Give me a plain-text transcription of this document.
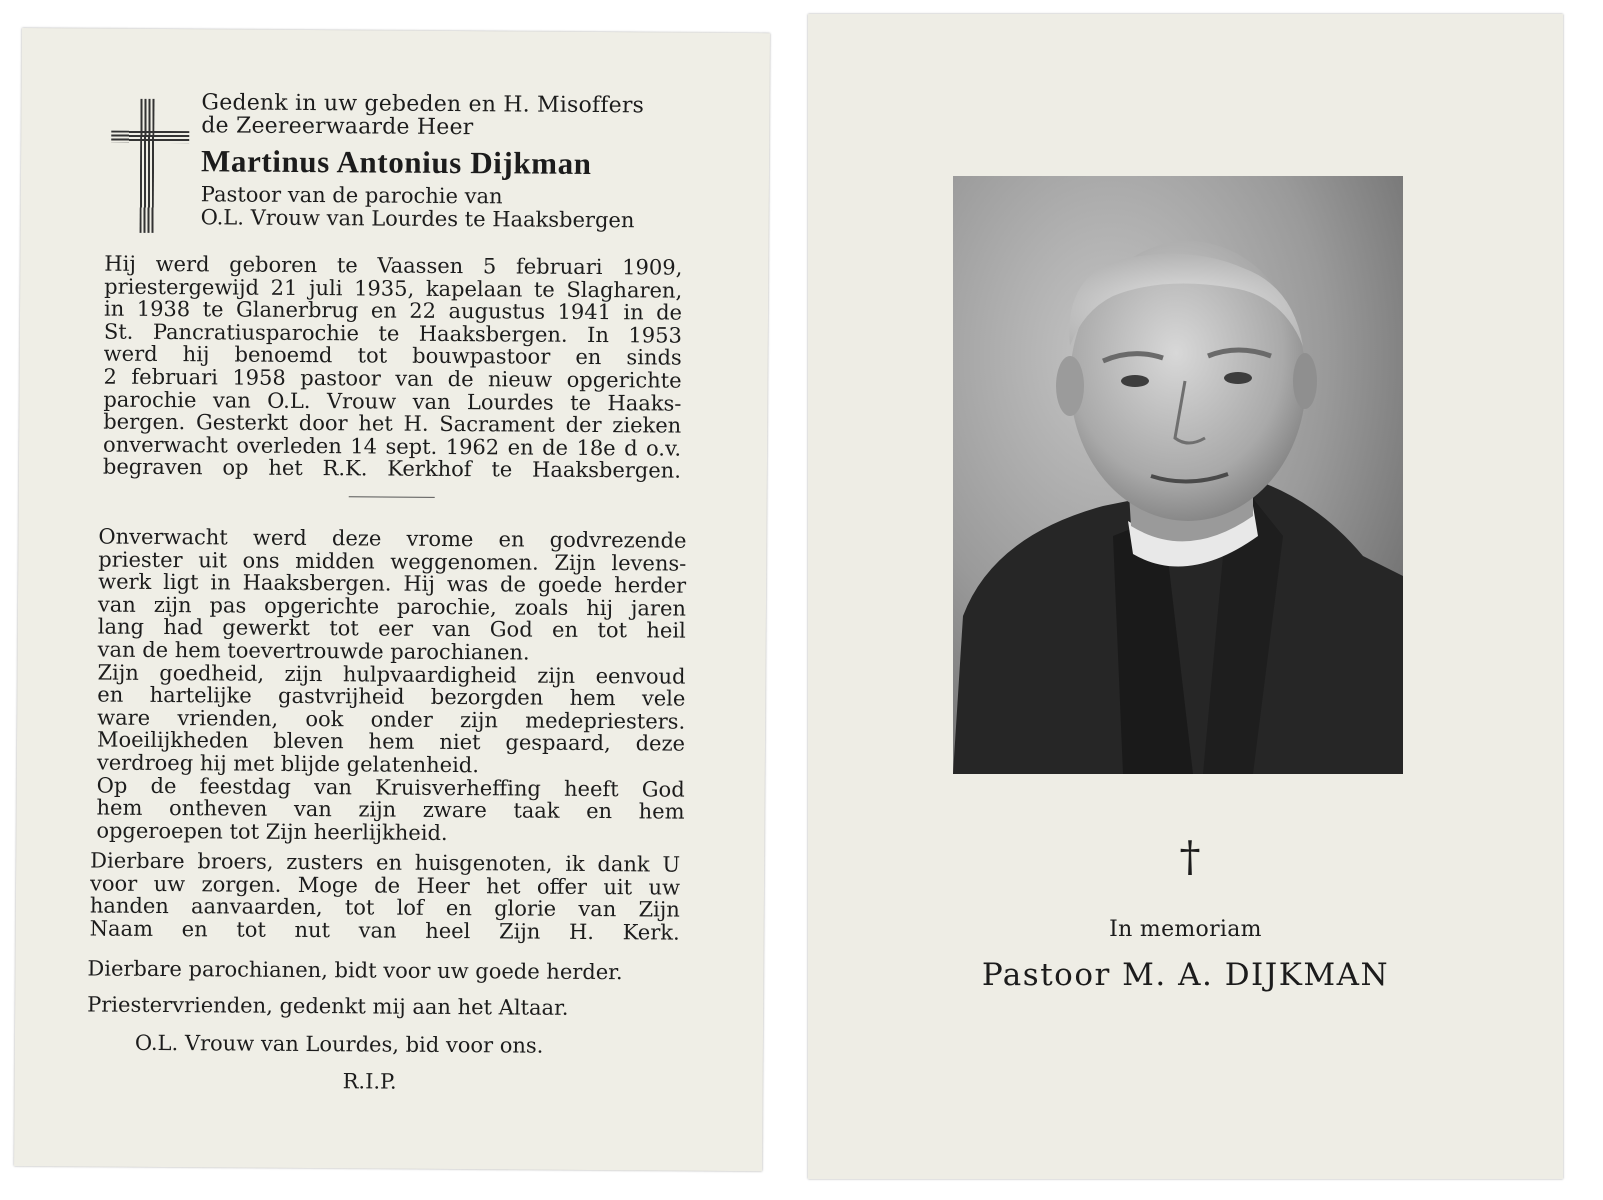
Gedenk in uw gebeden en H. Misoffers

de Zeereerwaarde Heer

Martinus Antonius Dijkman

Pastoor van de parochie van

O.L. Vrouw van Lourdes te Haaksbergen

Hij werd geboren te Vaassen 5 februari 1909,
priestergewijd 21 juli 1935, kapelaan te Slagharen,
in 1938 te Glanerbrug en 22 augustus 1941 in de
St. Pancratiusparochie te Haaksbergen. In 1953
werd hij benoemd tot bouwpastoor en sinds
2 februari 1958 pastoor van de nieuw opgerichte
parochie van O.L. Vrouw van Lourdes te Haaks-
bergen. Gesterkt door het H. Sacrament der zieken
onverwacht overleden 14 sept. 1962 en de 18e d o.v.
begraven op het R.K. Kerkhof te Haaksbergen.
Onverwacht werd deze vrome en godvrezende
priester uit ons midden weggenomen. Zijn levens-
werk ligt in Haaksbergen. Hij was de goede herder
van zijn pas opgerichte parochie, zoals hij jaren
lang had gewerkt tot eer van God en tot heil
van de hem toevertrouwde parochianen.
Zijn goedheid, zijn hulpvaardigheid zijn eenvoud
en hartelijke gastvrijheid bezorgden hem vele
ware vrienden, ook onder zijn medepriesters.
Moeilijkheden bleven hem niet gespaard, deze
verdroeg hij met blijde gelatenheid.
Op de feestdag van Kruisverheffing heeft God
hem ontheven van zijn zware taak en hem
opgeroepen tot Zijn heerlijkheid.
Dierbare broers, zusters en huisgenoten, ik dank U
voor uw zorgen. Moge de Heer het offer uit uw
handen aanvaarden, tot lof en glorie van Zijn
Naam en tot nut van heel Zijn H. Kerk.
Dierbare parochianen, bidt voor uw goede herder.
Priestervrienden, gedenkt mij aan het Altaar.
O.L. Vrouw van Lourdes, bid voor ons.
R.I.P.
†
In memoriam
Pastoor M. A. DIJKMAN
